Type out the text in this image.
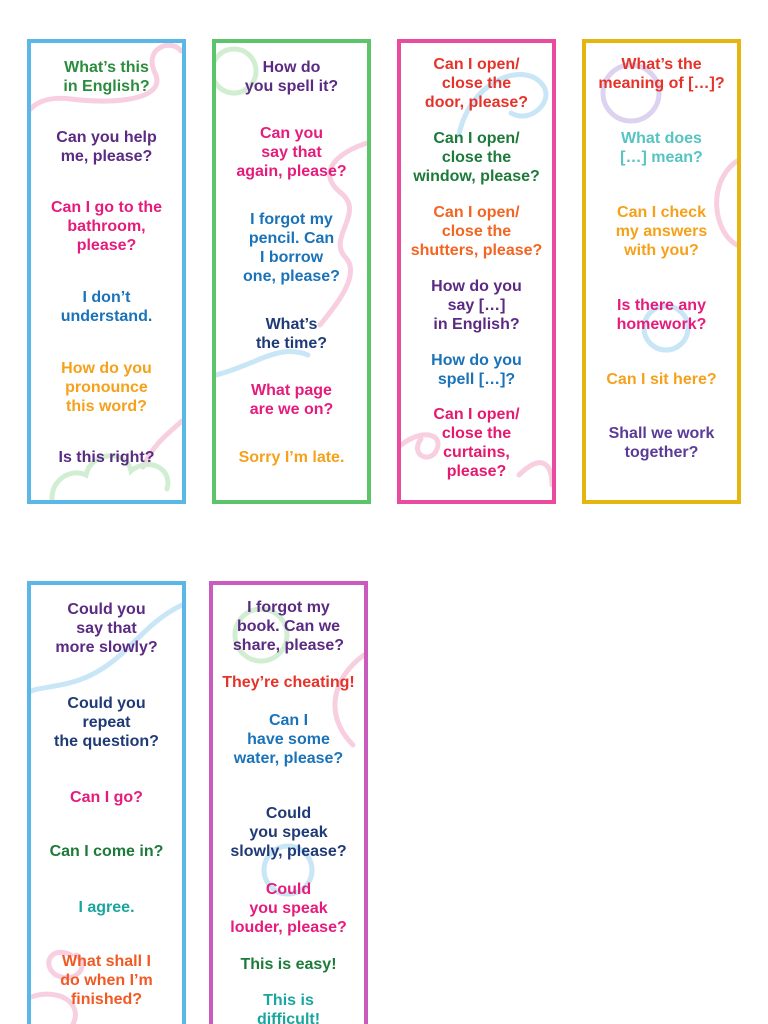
What’s this
in English?
Can you help
me, please?
Can I go to the
bathroom,
please?
I don’t
understand.
How do you
pronounce
this word?
Is this right?
How do
you spell it?
Can you
say that
again, please?
I forgot my
pencil. Can
I borrow
one, please?
What’s
the time?
What page
are we on?
Sorry I’m late.
Can I open/
close the
door, please?
Can I open/
close the
window, please?
Can I open/
close the
shutters, please?
How do you
say […]
in English?
How do you
spell […]?
Can I open/
close the
curtains,
please?
What’s the
meaning of […]?
What does
[…] mean?
Can I check
my answers
with you?
Is there any
homework?
Can I sit here?
Shall we work
together?
Could you
say that
more slowly?
Could you
repeat
the question?
Can I go?
Can I come in?
I agree.
What shall I
do when I’m
finished?
I forgot my
book. Can we
share, please?
They’re cheating!
Can I
have some
water, please?
Could
you speak
slowly, please?
Could
you speak
louder, please?
This is easy!
This is
difficult!
